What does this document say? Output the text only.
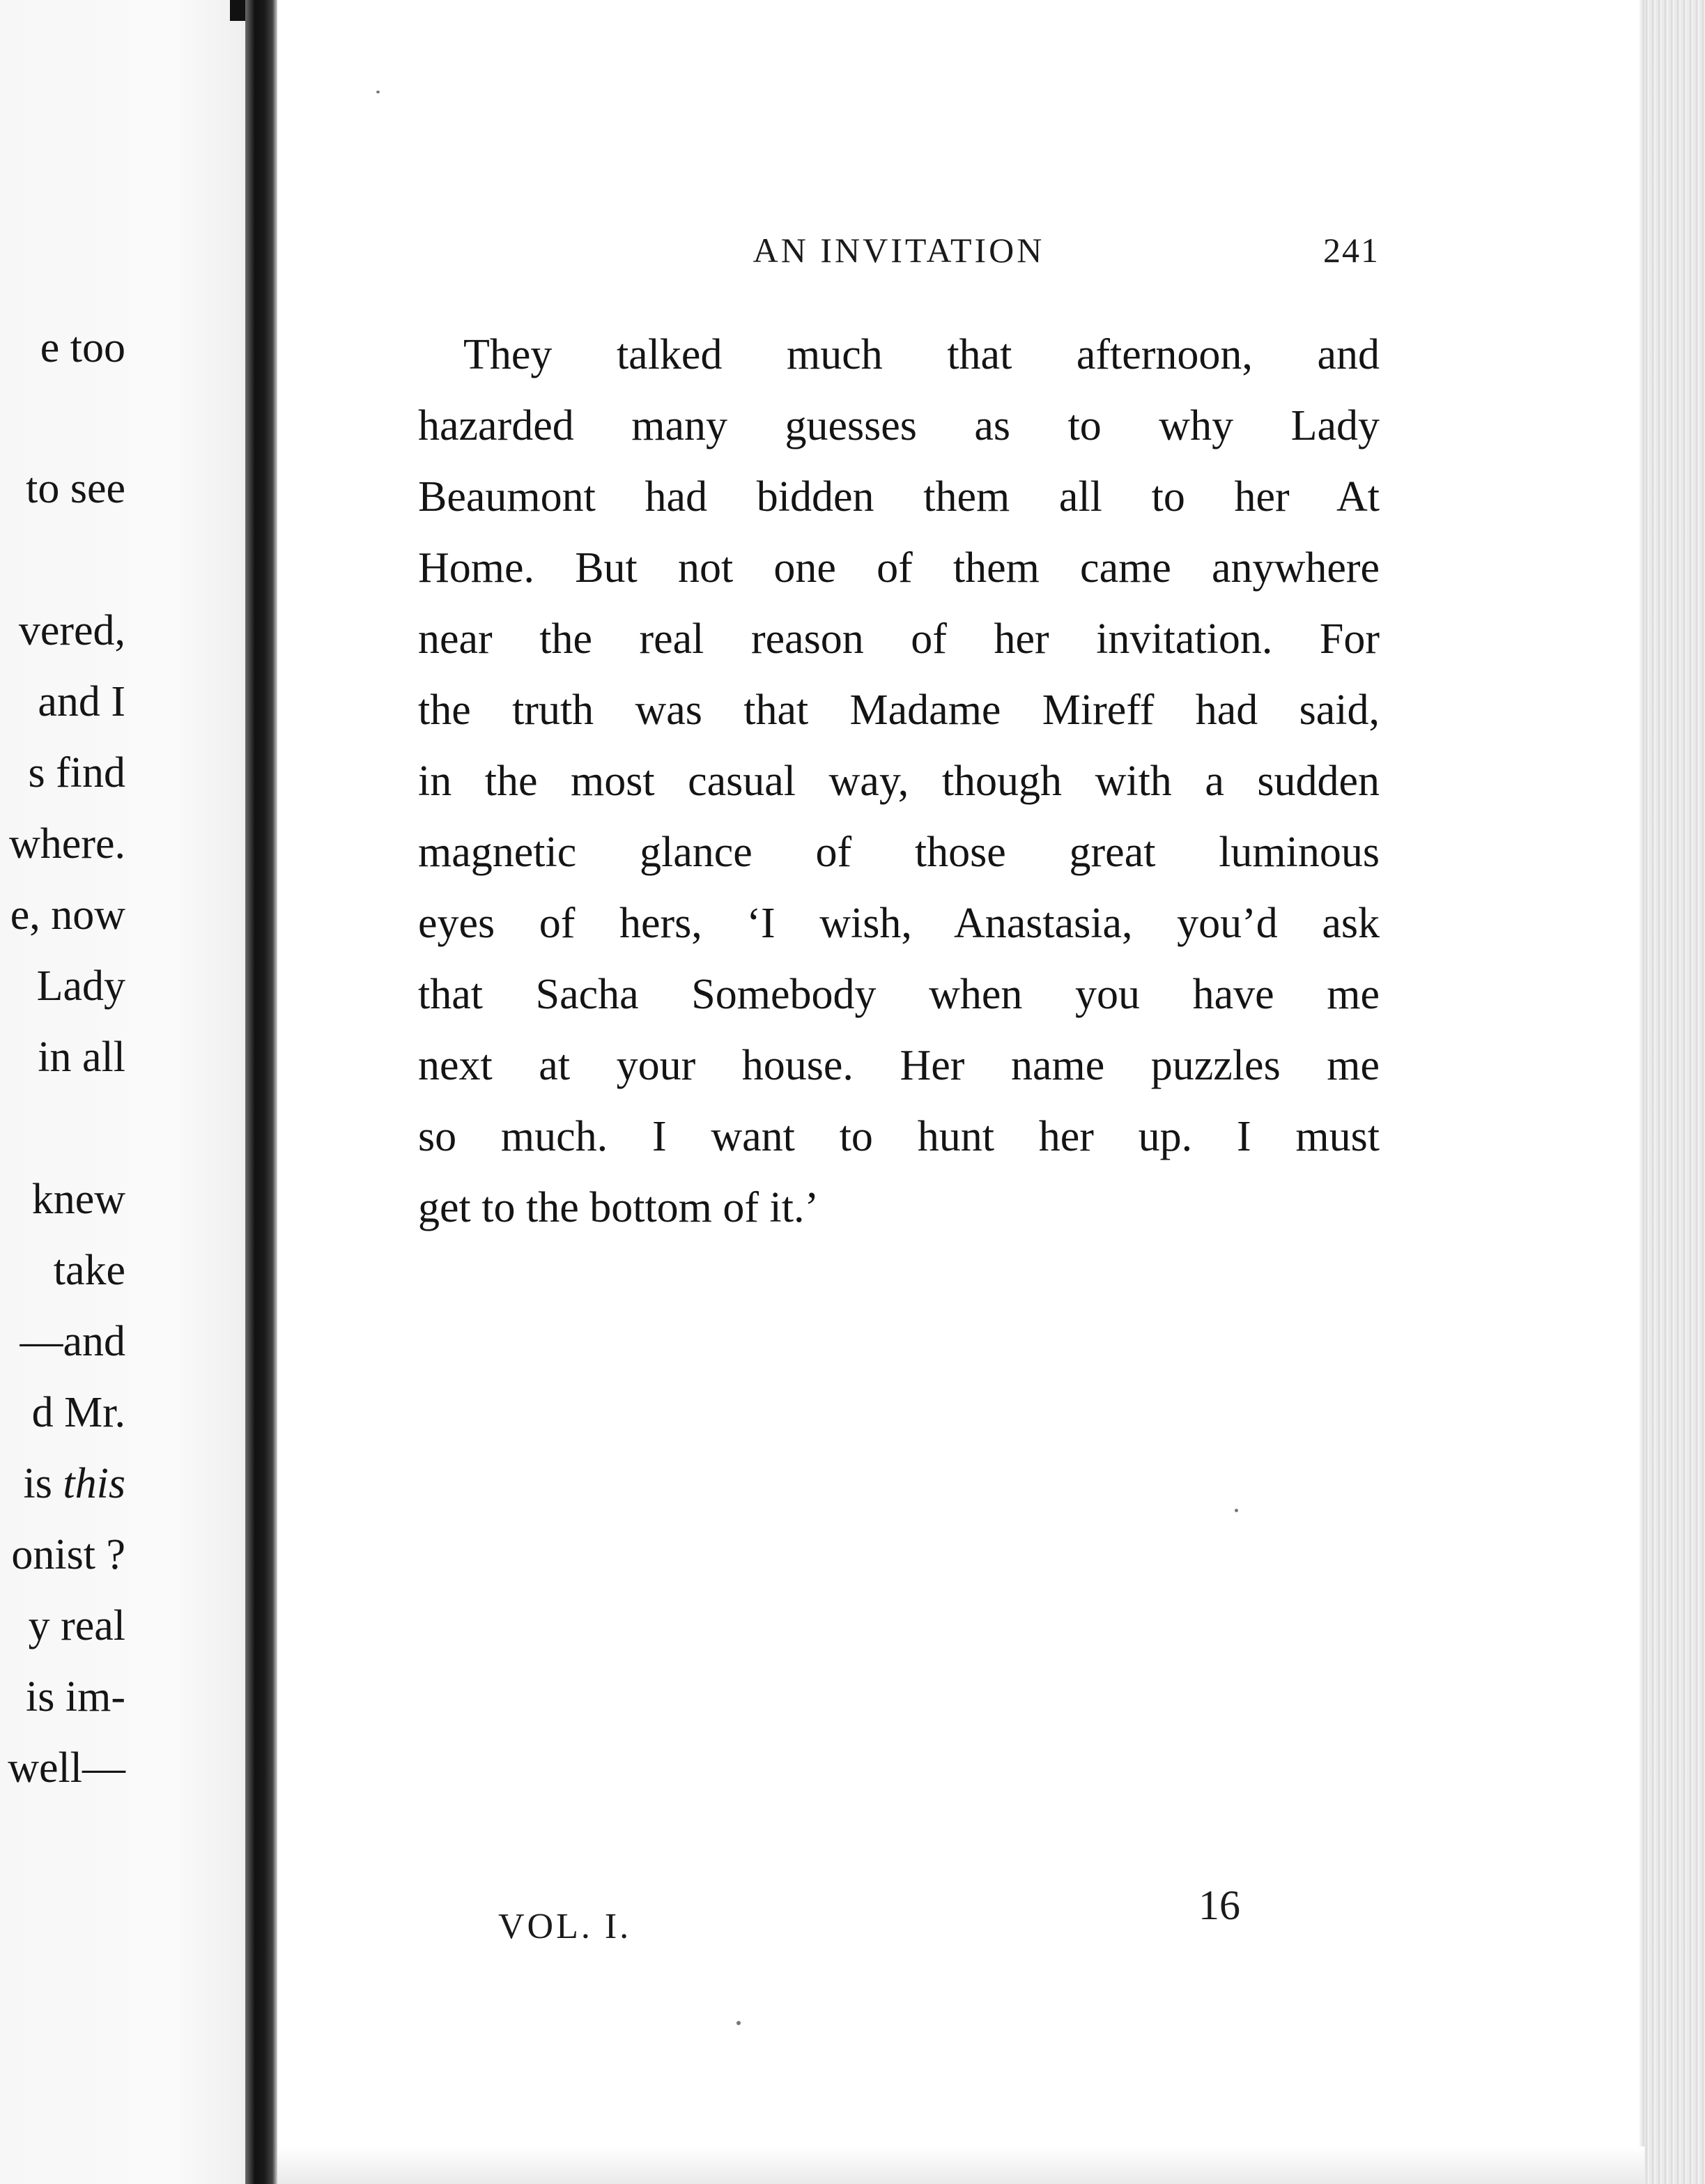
e too
to see
vered,
and I
s find
where.
e, now
Lady
in all
knew
take
—and
d Mr.
is this
onist ?
y real
is im-
well—
AN INVITATION	241
They talked much that afternoon, and
hazarded many guesses as to why Lady
Beaumont had bidden them all to her At
Home. But not one of them came anywhere
near the real reason of her invitation. For
the truth was that Madame Mireff had said,
in the most casual way, though with a sudden
magnetic glance of those great luminous
eyes of hers, ‘I wish, Anastasia, you’d ask
that Sacha Somebody when you have me
next at your house. Her name puzzles me
so much. I want to hunt her up. I must
get to the bottom of it.’
VOL. I.	16
